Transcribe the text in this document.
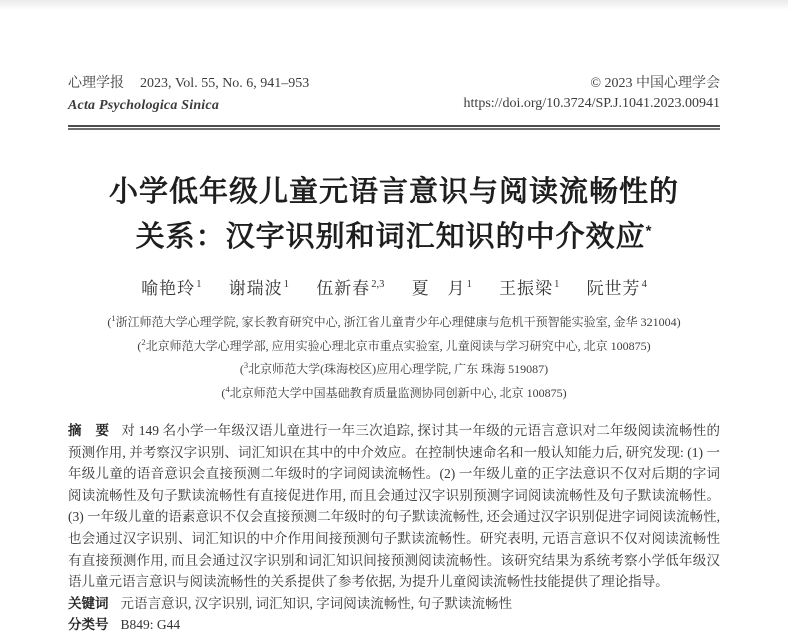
心理学报 2023, Vol. 55, No. 6, 941–953
Acta Psychologica Sinica
© 2023 中国心理学会
https://doi.org/10.3724/SP.J.1041.2023.00941
小学低年级儿童元语言意识与阅读流畅性的
关系：汉字识别和词汇知识的中介效应*
喻艳玲$^1$ 谢瑞波$^1$ 伍新春$^{2,3}$ 夏　月$^1$ 王振梁$^1$ 阮世芳$^4$
($^1$浙江师范大学心理学院, 家长教育研究中心, 浙江省儿童青少年心理健康与危机干预智能实验室, 金华 321004)
($^2$北京师范大学心理学部, 应用实验心理北京市重点实验室, 儿童阅读与学习研究中心, 北京 100875)
($^3$北京师范大学(珠海校区)应用心理学院, 广东 珠海 519087)
($^4$北京师范大学中国基础教育质量监测协同创新中心, 北京 100875)

摘　要 对 149 名小学一年级汉语儿童进行一年三次追踪, 探讨其一年级的元语言意识对二年级阅读流畅性的预测作用, 并考察汉字识别、词汇知识在其中的中介效应。在控制快速命名和一般认知能力后, 研究发现: (1) 一年级儿童的语音意识会直接预测二年级时的字词阅读流畅性。(2) 一年级儿童的正字法意识不仅对后期的字词阅读流畅性及句子默读流畅性有直接促进作用, 而且会通过汉字识别预测字词阅读流畅性及句子默读流畅性。(3) 一年级儿童的语素意识不仅会直接预测二年级时的句子默读流畅性, 还会通过汉字识别促进字词阅读流畅性, 也会通过汉字识别、词汇知识的中介作用间接预测句子默读流畅性。研究表明, 元语言意识不仅对阅读流畅性有直接预测作用, 而且会通过汉字识别和词汇知识间接预测阅读流畅性。该研究结果为系统考察小学低年级汉语儿童元语言意识与阅读流畅性的关系提供了参考依据, 为提升儿童阅读流畅性技能提供了理论指导。

关键词 元语言意识, 汉字识别, 词汇知识, 字词阅读流畅性, 句子默读流畅性
分类号 B849: G44
